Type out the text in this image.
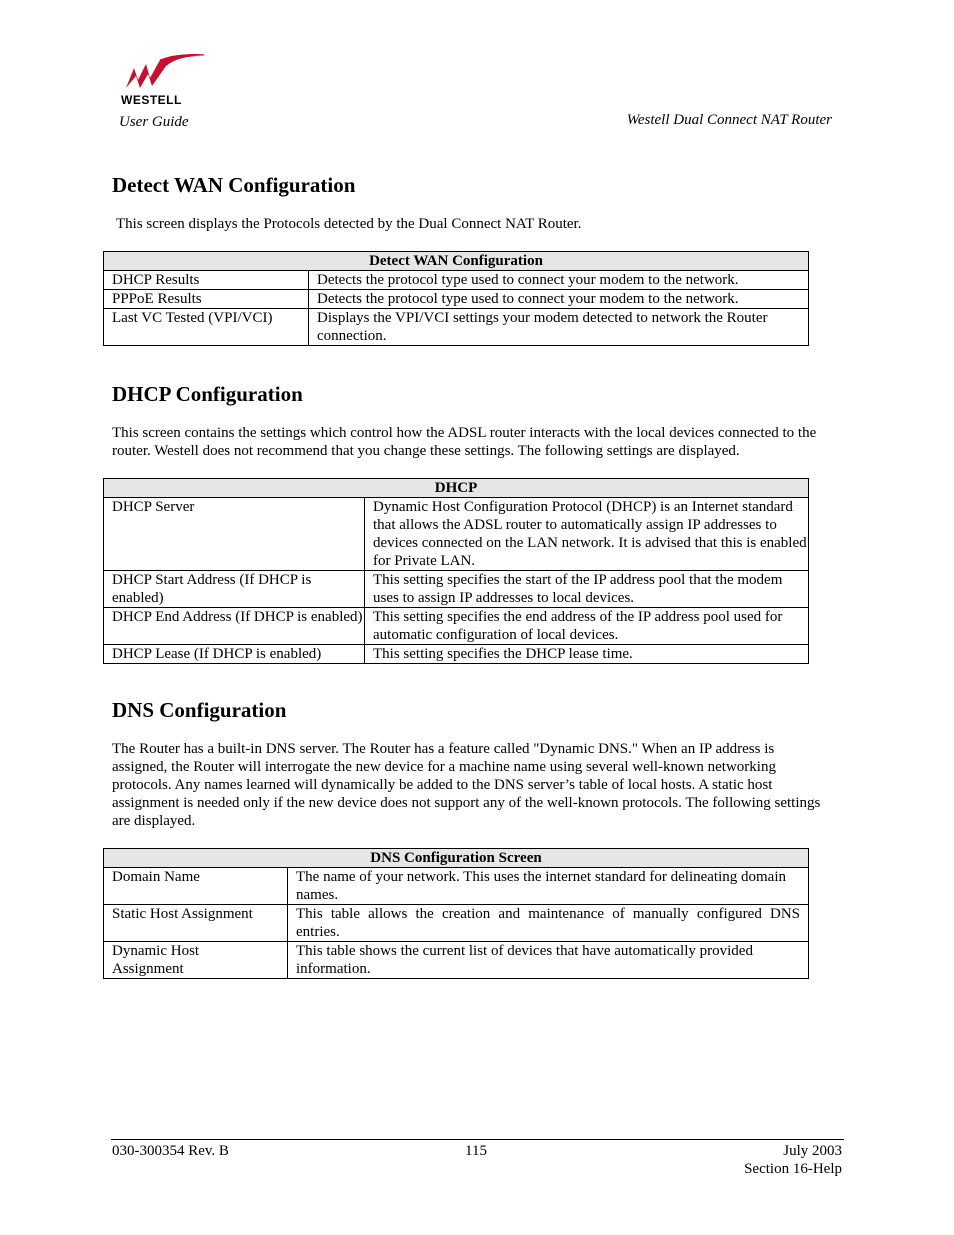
WESTELL
User Guide	Westell Dual Connect NAT Router
Detect WAN Configuration

This screen displays the Protocols detected by the Dual Connect NAT Router.

Detect WAN Configuration	
DHCP Results	Detects the protocol type used to connect your modem to the network.
PPPoE Results	Detects the protocol type used to connect your modem to the network.
Last VC Tested (VPI/VCI)	Displays the VPI/VCI settings your modem detected to network the Router connection.
DHCP Configuration

This screen contains the settings which control how the ADSL router interacts with the local devices connected to the router. Westell does not recommend that you change these settings. The following settings are displayed.

DHCP	
DHCP Server	Dynamic Host Configuration Protocol (DHCP) is an Internet standard that allows the ADSL router to automatically assign IP addresses to devices connected on the LAN network. It is advised that this is enabled for Private LAN.
DHCP Start Address (If DHCP is enabled)	This setting specifies the start of the IP address pool that the modem uses to assign IP addresses to local devices.
DHCP End Address (If DHCP is enabled)	This setting specifies the end address of the IP address pool used for automatic configuration of local devices.
DHCP Lease (If DHCP is enabled)	This setting specifies the DHCP lease time.
DNS Configuration

The Router has a built-in DNS server. The Router has a feature called "Dynamic DNS." When an IP address is assigned, the Router will interrogate the new device for a machine name using several well-known networking protocols. Any names learned will dynamically be added to the DNS server’s table of local hosts. A static host assignment is needed only if the new device does not support any of the well-known protocols. The following settings are displayed.

DNS Configuration Screen	
Domain Name	The name of your network. This uses the internet standard for delineating domain names.
Static Host Assignment	This table allows the creation and maintenance of manually configured DNS entries.
Dynamic Host Assignment	This table shows the current list of devices that have automatically provided information.
030-300354 Rev. B	115	July 2003
Section 16-Help
